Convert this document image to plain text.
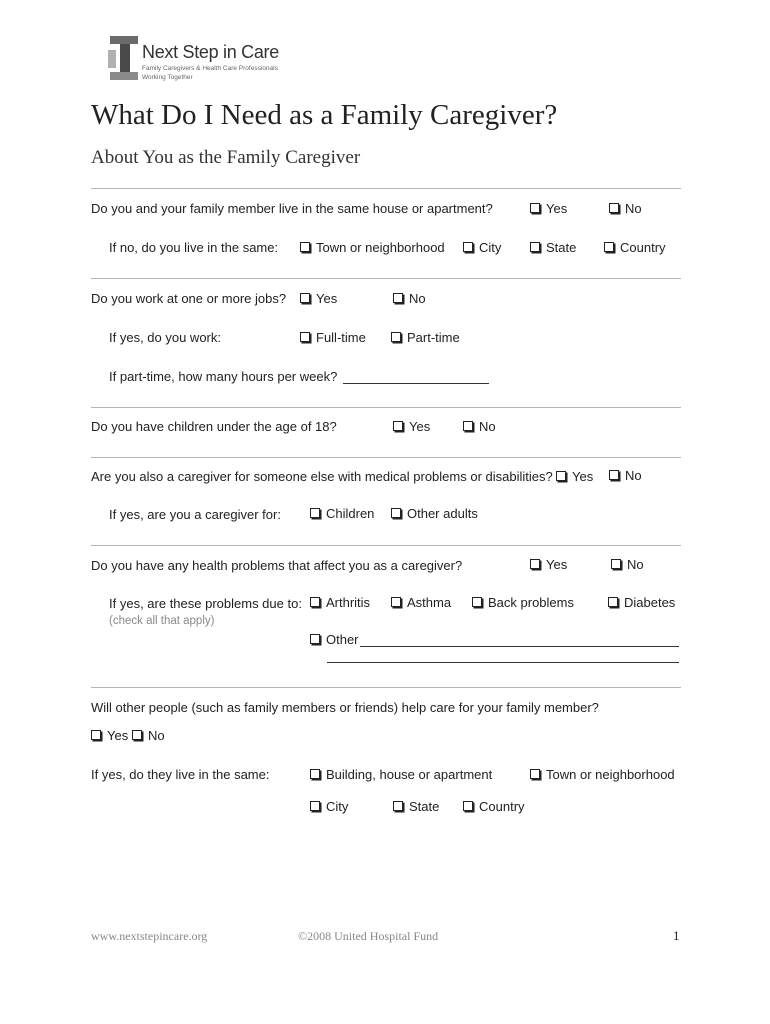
Next Step in Care
Family Caregivers & Health Care Professionals
Working Together
What Do I Need as a Family Caregiver?
About You as the Family Caregiver
Do you and your family member live in the same house or apartment?	Yes	No
If no, do you live in the same:	Town or neighborhood	City	State	Country
Do you work at one or more jobs? Yes	No
If yes, do you work:	Full-time	Part-time
If part-time, how many hours per week?
Do you have children under the age of 18?	Yes	No
Are you also a caregiver for someone else with medical problems or disabilities? Yes No
If yes, are you a caregiver for:	Children	Other adults
Do you have any health problems that affect you as a caregiver?	Yes	No
If yes, are these problems due to:
(check all that apply)
Arthritis	Asthma	Back problems	Diabetes
Other
Will other people (such as family members or friends) help care for your family member?
Yes No
If yes, do they live in the same:	Building, house or apartment	Town or neighborhood
City	State	Country
www.nextstepincare.org	©2008 United Hospital Fund	1
